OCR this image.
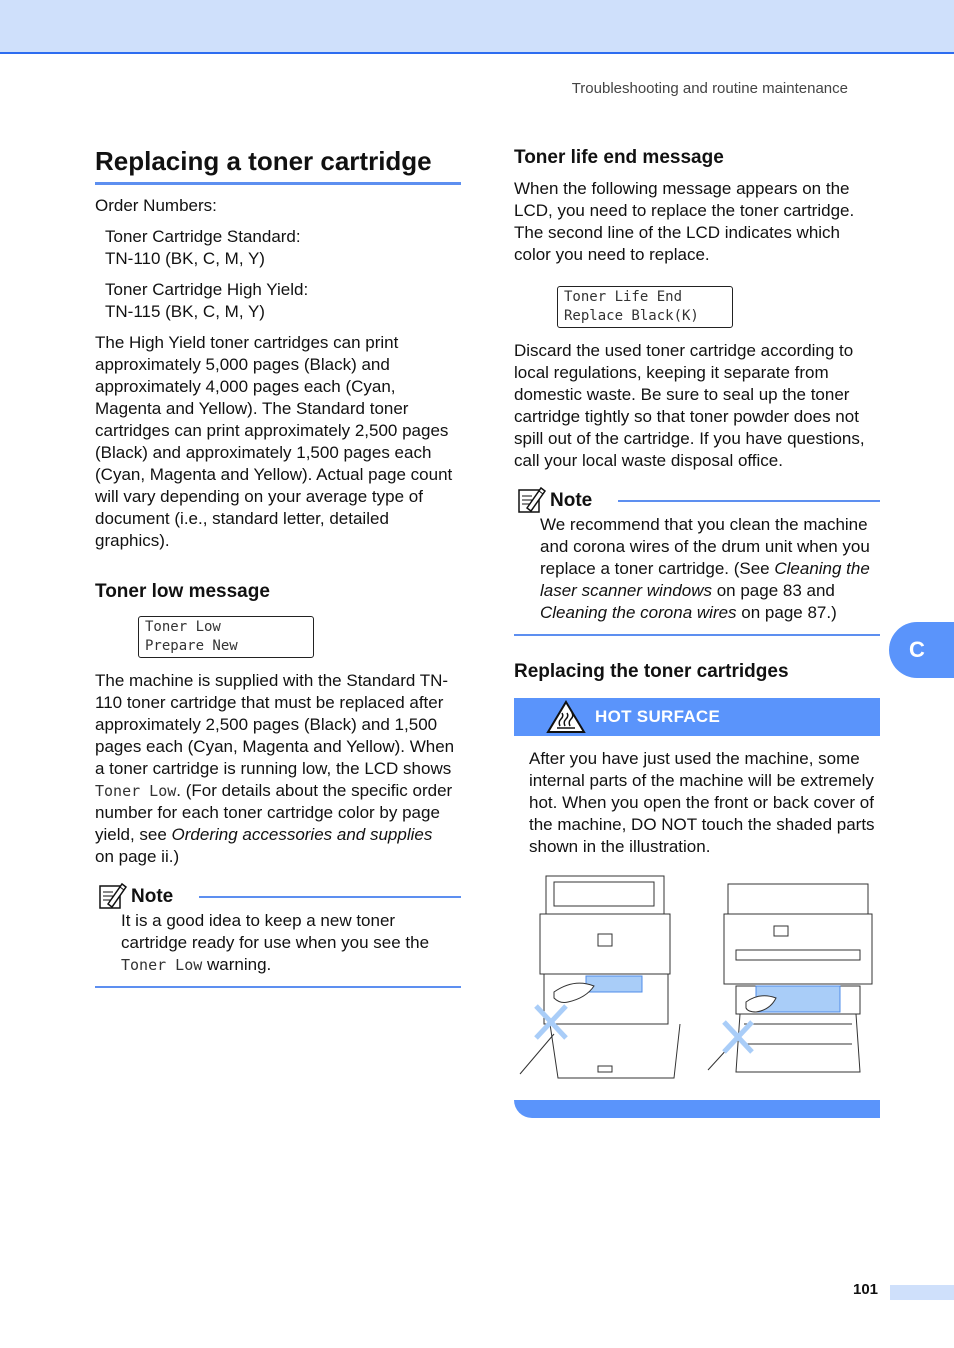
Troubleshooting and routine maintenance
Replacing a toner cartridge

Order Numbers:

Toner Cartridge Standard:

TN-110 (BK, C, M, Y)

Toner Cartridge High Yield:

TN-115 (BK, C, M, Y)

The High Yield toner cartridges can print approximately 5,000 pages (Black) and approximately 4,000 pages each (Cyan, Magenta and Yellow). The Standard toner cartridges can print approximately 2,500 pages (Black) and approximately 1,500 pages each (Cyan, Magenta and Yellow). Actual page count will vary depending on your average type of document (i.e., standard letter, detailed graphics).

Toner low message
Toner Low
Prepare New

The machine is supplied with the Standard TN-110 toner cartridge that must be replaced after approximately 2,500 pages (Black) and 1,500 pages each (Cyan, Magenta and Yellow). When a toner cartridge is running low, the LCD shows Toner Low. (For details about the specific order number for each toner cartridge color by page yield, see Ordering accessories and supplies
on page ii.)

Note

It is a good idea to keep a new toner cartridge ready for use when you see the Toner Low warning.

Toner life end message

When the following message appears on the LCD, you need to replace the toner cartridge. The second line of the LCD indicates which color you need to replace.

Toner Life End
Replace Black(K)

Discard the used toner cartridge according to local regulations, keeping it separate from domestic waste. Be sure to seal up the toner cartridge tightly so that toner powder does not spill out of the cartridge. If you have questions, call your local waste disposal office.

Note

We recommend that you clean the machine and corona wires of the drum unit when you replace a toner cartridge. (See Cleaning the laser scanner windows on page 83 and Cleaning the corona wires on page 87.)

Replacing the toner cartridges
HOT SURFACE

After you have just used the machine, some internal parts of the machine will be extremely hot. When you open the front or back cover of the machine, DO NOT touch the shaded parts shown in the illustration.

C
101
